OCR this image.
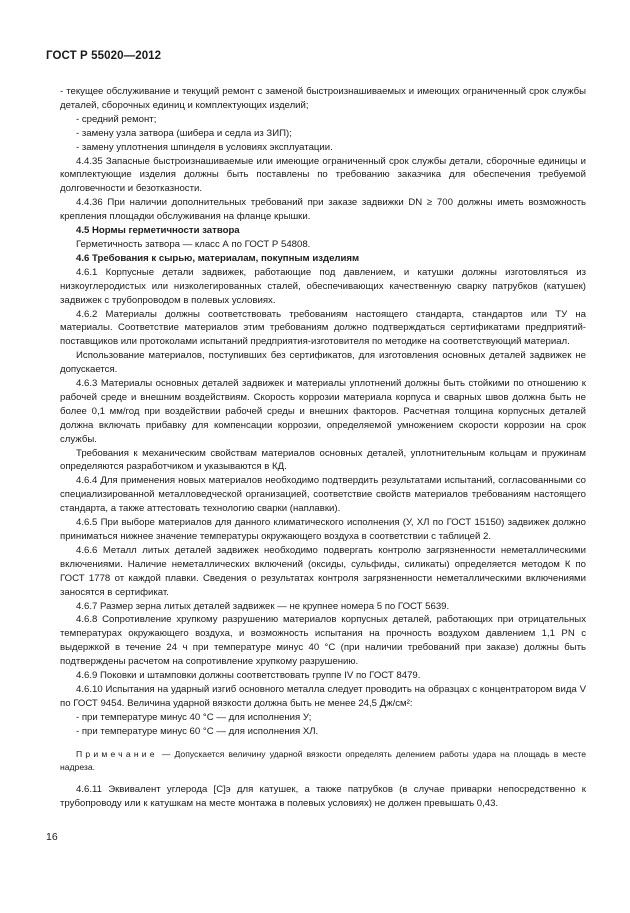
ГОСТ Р 55020—2012

- текущее обслуживание и текущий ремонт с заменой быстроизнашиваемых и имеющих ограниченный срок службы деталей, сборочных единиц и комплектующих изделий;

- средний ремонт;

- замену узла затвора (шибера и седла из ЗИП);

- замену уплотнения шпинделя в условиях эксплуатации.

4.4.35 Запасные быстроизнашиваемые или имеющие ограниченный срок службы детали, сборочные единицы и комплектующие изделия должны быть поставлены по требованию заказчика для обеспечения требуемой долговечности и безотказности.

4.4.36 При наличии дополнительных требований при заказе задвижки DN ≥ 700 должны иметь возможность крепления площадки обслуживания на фланце крышки.

4.5 Нормы герметичности затвора

Герметичность затвора — класс А по ГОСТ Р 54808.

4.6 Требования к сырью, материалам, покупным изделиям

4.6.1 Корпусные детали задвижек, работающие под давлением, и катушки должны изготовляться из низкоуглеродистых или низколегированных сталей, обеспечивающих качественную сварку патрубков (катушек) задвижек с трубопроводом в полевых условиях.

4.6.2 Материалы должны соответствовать требованиям настоящего стандарта, стандартов или ТУ на материалы. Соответствие материалов этим требованиям должно подтверждаться сертификатами предприятий-поставщиков или протоколами испытаний предприятия-изготовителя по методике на соответствующий материал.

Использование материалов, поступивших без сертификатов, для изготовления основных деталей задвижек не допускается.

4.6.3 Материалы основных деталей задвижек и материалы уплотнений должны быть стойкими по отношению к рабочей среде и внешним воздействиям. Скорость коррозии материала корпуса и сварных швов должна быть не более 0,1 мм/год при воздействии рабочей среды и внешних факторов. Расчетная толщина корпусных деталей должна включать прибавку для компенсации коррозии, определяемой умножением скорости коррозии на срок службы.

Требования к механическим свойствам материалов основных деталей, уплотнительным кольцам и пружинам определяются разработчиком и указываются в КД.

4.6.4 Для применения новых материалов необходимо подтвердить результатами испытаний, согласованными со специализированной металловедческой организацией, соответствие свойств материалов требованиям настоящего стандарта, а также аттестовать технологию сварки (наплавки).

4.6.5 При выборе материалов для данного климатического исполнения (У, ХЛ по ГОСТ 15150) задвижек должно приниматься нижнее значение температуры окружающего воздуха в соответствии с таблицей 2.

4.6.6 Металл литых деталей задвижек необходимо подвергать контролю загрязненности неметаллическими включениями. Наличие неметаллических включений (оксиды, сульфиды, силикаты) определяется методом К по ГОСТ 1778 от каждой плавки. Сведения о результатах контроля загрязненности неметаллическими включениями заносятся в сертификат.

4.6.7 Размер зерна литых деталей задвижек — не крупнее номера 5 по ГОСТ 5639.

4.6.8 Сопротивление хрупкому разрушению материалов корпусных деталей, работающих при отрицательных температурах окружающего воздуха, и возможность испытания на прочность воздухом давлением 1,1 PN с выдержкой в течение 24 ч при температуре минус 40 °С (при наличии требований при заказе) должны быть подтверждены расчетом на сопротивление хрупкому разрушению.

4.6.9 Поковки и штамповки должны соответствовать группе IV по ГОСТ 8479.

4.6.10 Испытания на ударный изгиб основного металла следует проводить на образцах с концентратором вида V по ГОСТ 9454. Величина ударной вязкости должна быть не менее 24,5 Дж/см²:

- при температуре минус 40 °С — для исполнения У;

- при температуре минус 60 °С — для исполнения ХЛ.

Примечание — Допускается величину ударной вязкости определять делением работы удара на площадь в месте надреза.

4.6.11 Эквивалент углерода [С]э для катушек, а также патрубков (в случае приварки непосредственно к трубопроводу или к катушкам на месте монтажа в полевых условиях) не должен превышать 0,43.

16
